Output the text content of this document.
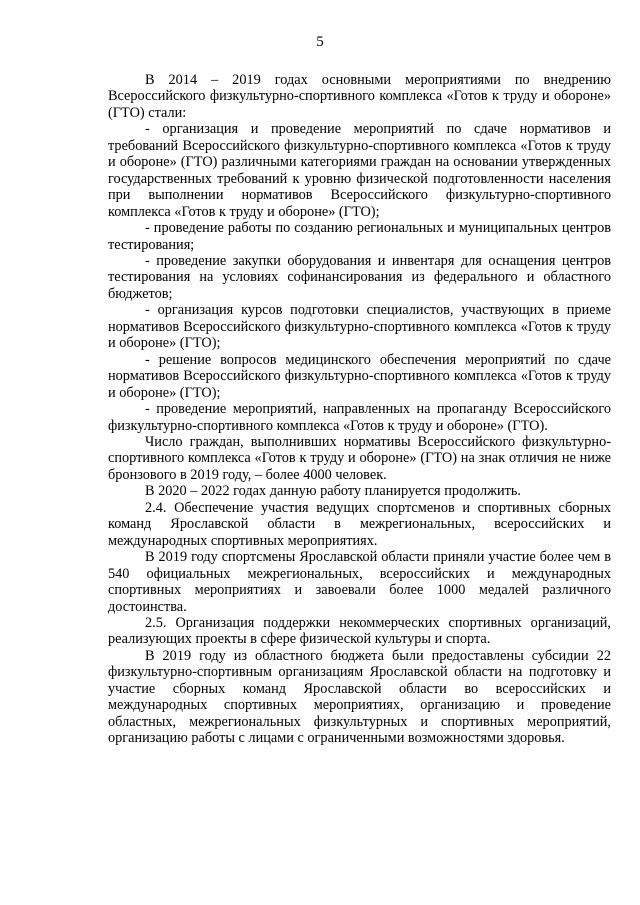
5

В 2014 – 2019 годах основными мероприятиями по внедрению Всероссийского физкультурно-спортивного комплекса «Готов к труду и обороне» (ГТО) стали:

- организация и проведение мероприятий по сдаче нормативов и требований Всероссийского физкультурно-спортивного комплекса «Готов к труду и обороне» (ГТО) различными категориями граждан на основании утвержденных государственных требований к уровню физической подготовленности населения при выполнении нормативов Всероссийского физкультурно-спортивного комплекса «Готов к труду и обороне» (ГТО);

- проведение работы по созданию региональных и муниципальных центров тестирования;

- проведение закупки оборудования и инвентаря для оснащения центров тестирования на условиях софинансирования из федерального и областного бюджетов;

- организация курсов подготовки специалистов, участвующих в приеме нормативов Всероссийского физкультурно-спортивного комплекса «Готов к труду и обороне» (ГТО);

- решение вопросов медицинского обеспечения мероприятий по сдаче нормативов Всероссийского физкультурно-спортивного комплекса «Готов к труду и обороне» (ГТО);

- проведение мероприятий, направленных на пропаганду Всероссийского физкультурно-спортивного комплекса «Готов к труду и обороне» (ГТО).

Число граждан, выполнивших нормативы Всероссийского физкультурно-спортивного комплекса «Готов к труду и обороне» (ГТО) на знак отличия не ниже бронзового в 2019 году, – более 4000 человек.

В 2020 – 2022 годах данную работу планируется продолжить.

2.4. Обеспечение участия ведущих спортсменов и спортивных сборных команд Ярославской области в межрегиональных, всероссийских и международных спортивных мероприятиях.

В 2019 году спортсмены Ярославской области приняли участие более чем в 540 официальных межрегиональных, всероссийских и международных спортивных мероприятиях и завоевали более 1000 медалей различного достоинства.

2.5. Организация поддержки некоммерческих спортивных организаций, реализующих проекты в сфере физической культуры и спорта.

В 2019 году из областного бюджета были предоставлены субсидии 22 физкультурно-спортивным организациям Ярославской области на подготовку и участие сборных команд Ярославской области во всероссийских и международных спортивных мероприятиях, организацию и проведение областных, межрегиональных физкультурных и спортивных мероприятий, организацию работы с лицами с ограниченными возможностями здоровья.
